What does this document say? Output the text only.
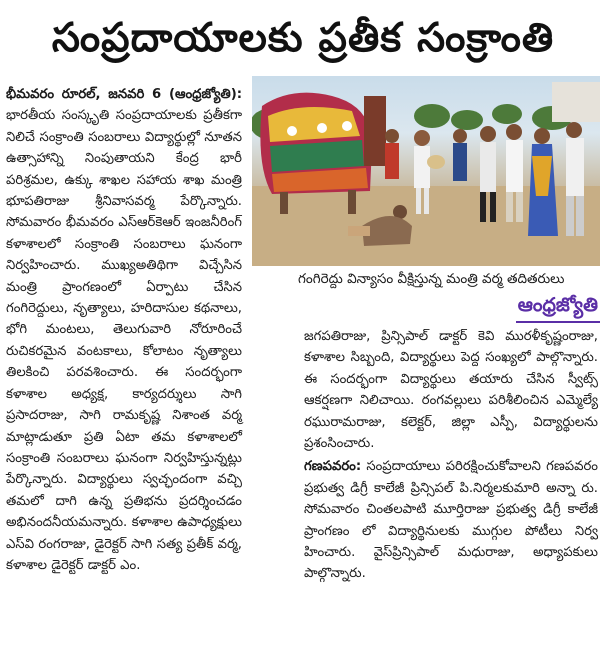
సంప్రదాయాలకు ప్రతీక సంక్రాంతి

భీమవరం రూరల్‌, జనవరి 6 (ఆంధ్రజ్యోతి): భారతీయ సంస్కృతి సంప్రదాయాలకు ప్రతీకగా నిలిచే సంక్రాంతి సంబరాలు విద్యార్థుల్లో నూతన ఉత్సాహాన్ని నింపుతాయని కేంద్ర భారీ పరిశ్రమల, ఉక్కు శాఖల సహాయ శాఖ మంత్రి భూపతిరాజు శ్రీనివాసవర్మ పేర్కొన్నారు. సోమవారం భీమవరం ఎస్‌ఆర్‌కెఆర్‌ ఇంజనీరింగ్‌ కళాశాలలో సంక్రాంతి సంబరాలు ఘనంగా నిర్వహించారు. ముఖ్యఅతిథిగా విచ్చేసిన మంత్రి ప్రాంగణంలో ఏర్పాటు చేసిన గంగిరెద్దులు, నృత్యాలు, హరిదాసుల కథనాలు, భోగి మంటలు, తెలుగువారి నోరూరించే రుచికరమైన వంటకాలు, కోలాటం నృత్యాలు తిలకించి పరవశించారు. ఈ సందర్భంగా కళాశాల అధ్యక్ష, కార్యదర్శులు సాగి ప్రసాదరాజు, సాగి రామకృష్ణ నిశాంత వర్మ మాట్లాడుతూ ప్రతి ఏటా తమ కళాశాలలో సంక్రాంతి సంబరాలు ఘనంగా నిర్వహిస్తున్నట్లు పేర్కొన్నారు. విద్యార్థులు స్వచ్ఛందంగా వచ్చి తమలో దాగి ఉన్న ప్రతిభను ప్రదర్శించడం అభినందనీయమన్నారు. కళాశాల ఉపాధ్యక్షులు ఎస్‌వి రంగరాజు, డైరెక్టర్‌ సాగి సత్య ప్రతీక్‌ వర్మ, కళాశాల డైరెక్టర్‌ డాక్టర్‌ ఎం.

గంగిరెద్దు విన్యాసం వీక్షిస్తున్న మంత్రి వర్మ తదితరులు
ఆంధ్రజ్యోతి

జగపతిరాజు, ప్రిన్సిపాల్‌ డాక్టర్‌ కెవి మురళీకృష్ణంరాజు, కళాశాల సిబ్బంది, విద్యార్థులు పెద్ద సంఖ్యలో పాల్గొన్నారు. ఈ సందర్భంగా విద్యార్థులు తయారు చేసిన స్వీట్స్‌ ఆకర్షణగా నిలిచాయి. రంగవల్లులు పరిశీలించిన ఎమ్మెల్యే రఘురామరాజు, కలెక్టర్‌, జిల్లా ఎస్పీ, విద్యార్థులను ప్రశంసించారు.

గణపవరం: సంప్రదాయాలు పరిరక్షించుకోవాలని గణపవరం ప్రభుత్వ డిగ్రీ కాలేజీ ప్రిన్సిపల్‌ పి.నిర్మలకుమారి అన్నా రు. సోమవారం చింతలపాటి మూర్తిరాజు ప్రభుత్వ డిగ్రీ కాలేజీ ప్రాంగణం లో విద్యార్థినులకు ముగ్గుల పోటీలు నిర్వ హించారు. వైస్‌ప్రిన్సిపాల్‌ మధురాజు, అధ్యాపకులు పాల్గొన్నారు.
